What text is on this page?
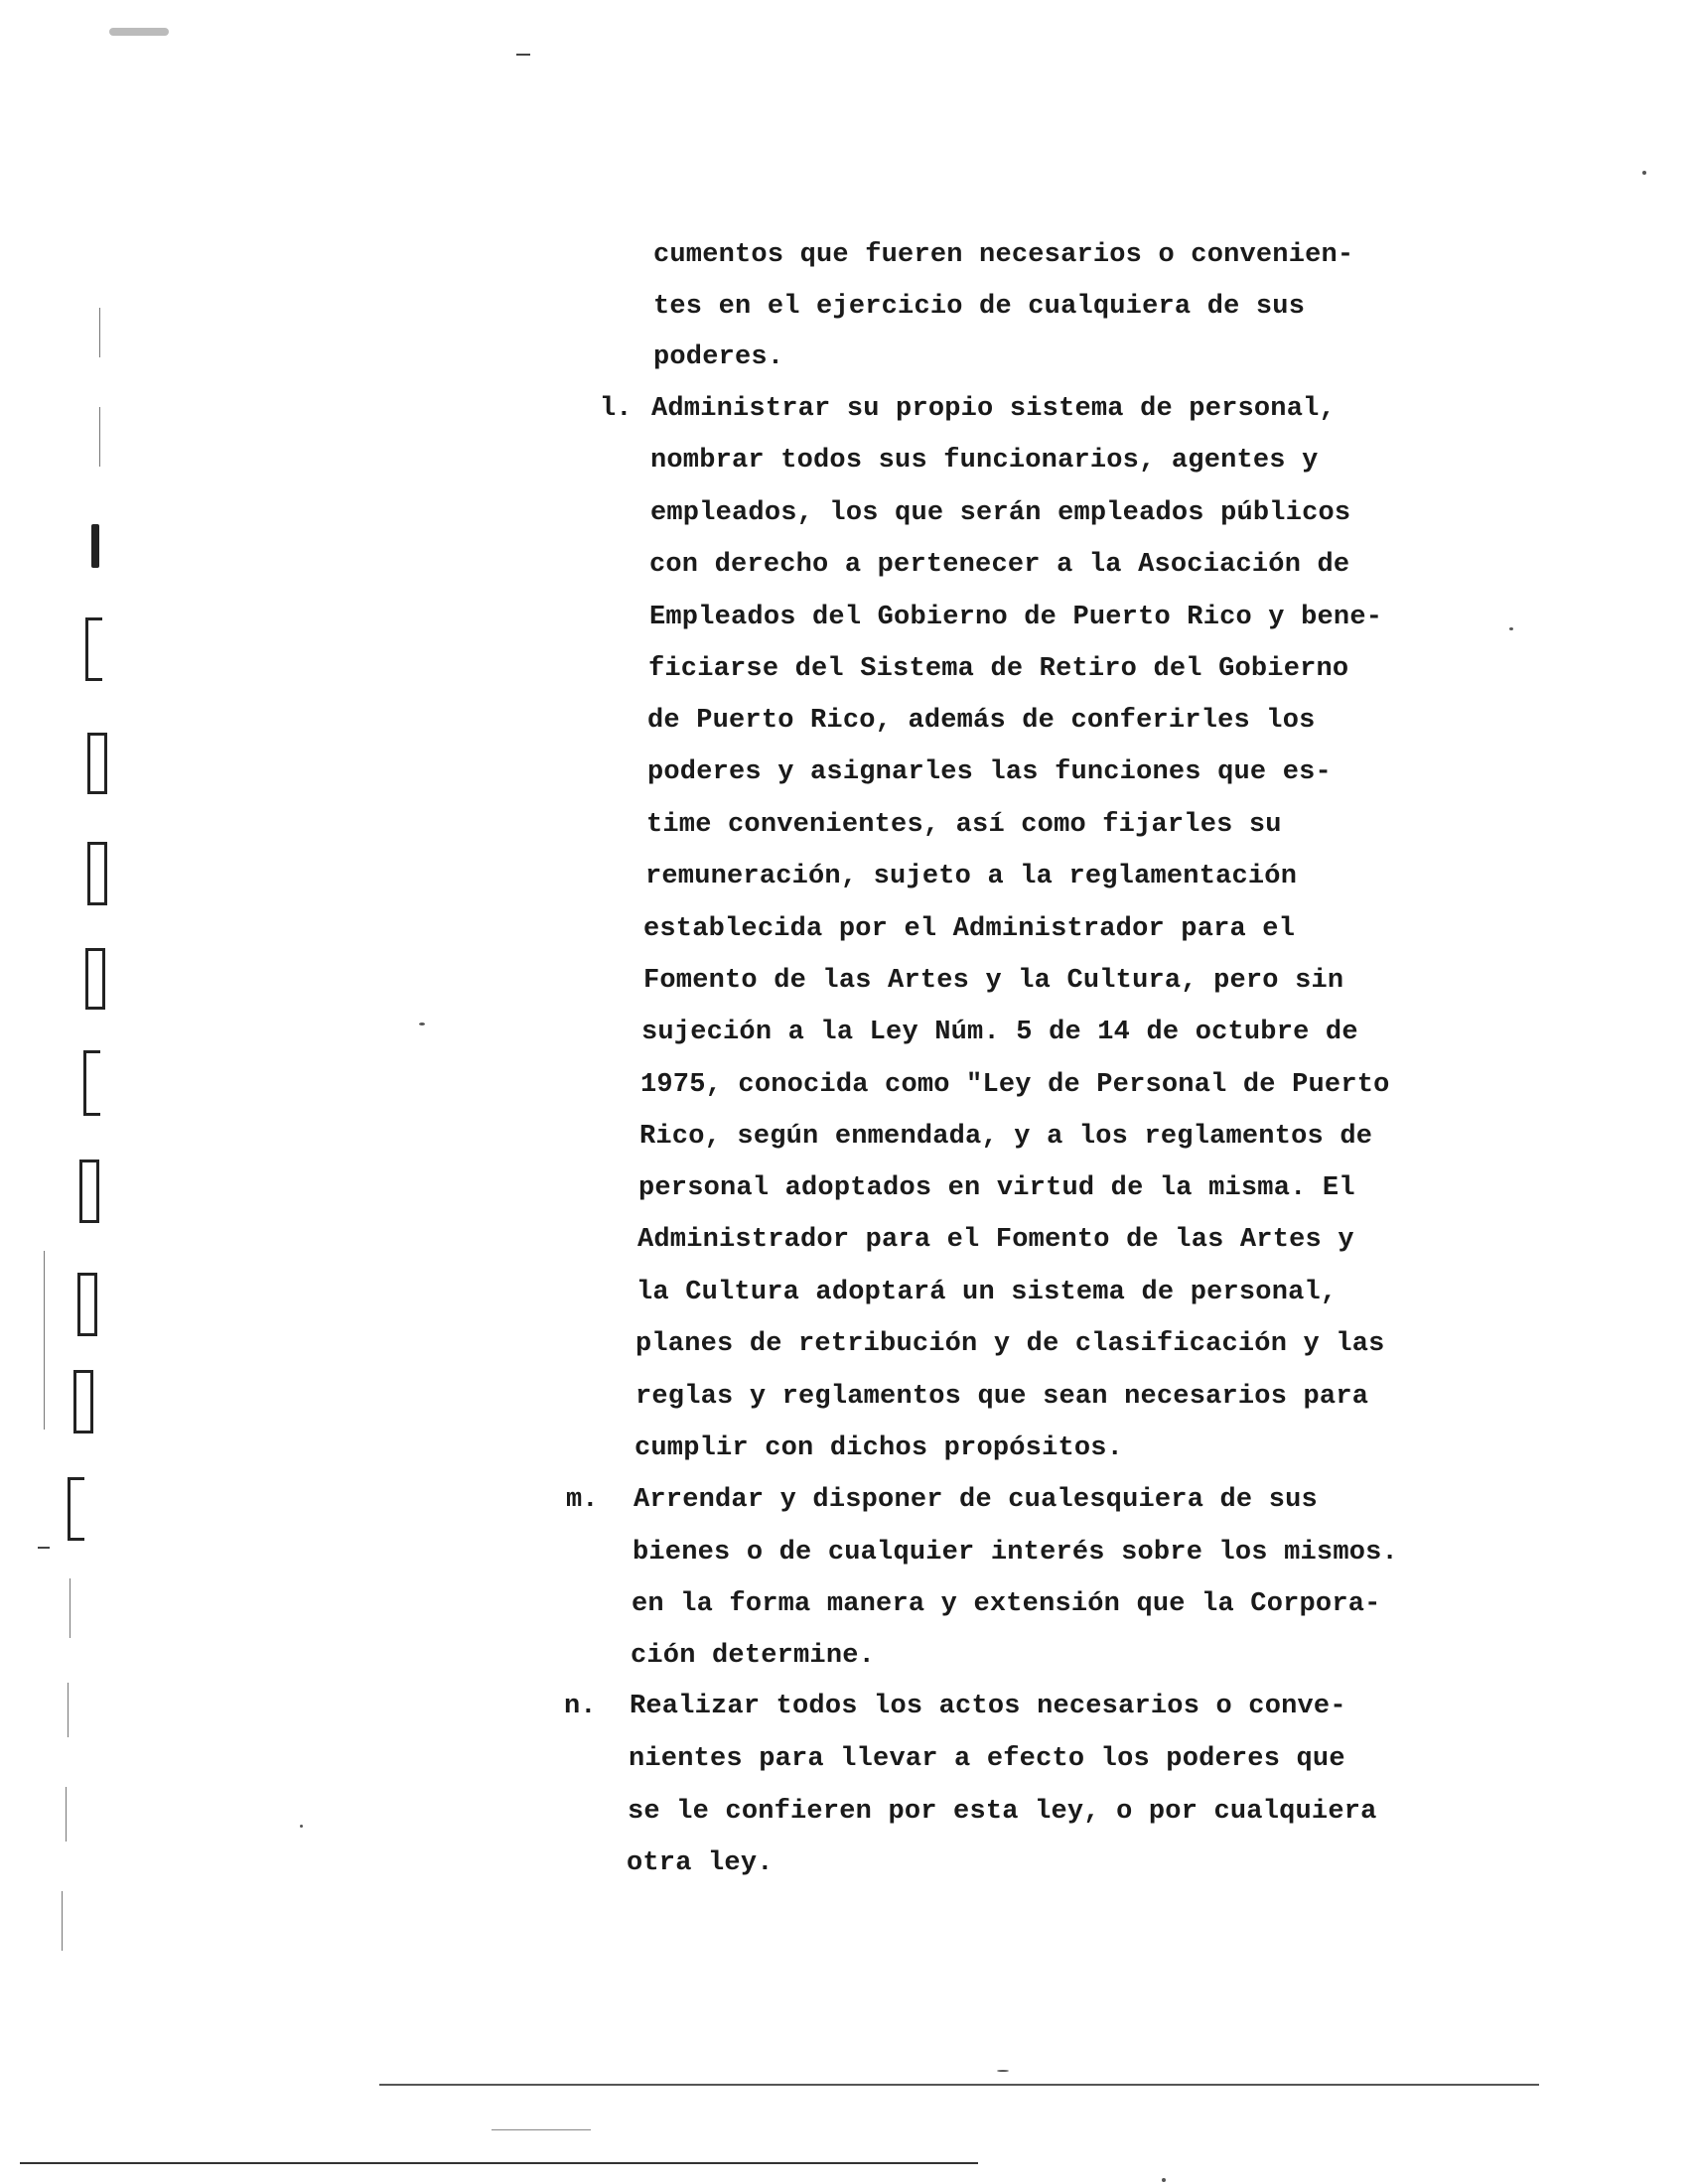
cumentos que fueren necesarios o convenien-
tes en el ejercicio de cualquiera de sus
poderes.
l. Administrar su propio sistema de personal,
nombrar todos sus funcionarios, agentes y
empleados, los que serán empleados públicos
con derecho a pertenecer a la Asociación de
Empleados del Gobierno de Puerto Rico y bene-
ficiarse del Sistema de Retiro del Gobierno
de Puerto Rico, además de conferirles los
poderes y asignarles las funciones que es-
time convenientes, así como fijarles su
remuneración, sujeto a la reglamentación
establecida por el Administrador para el
Fomento de las Artes y la Cultura, pero sin
sujeción a la Ley Núm. 5 de 14 de octubre de
1975, conocida como "Ley de Personal de Puerto
Rico, según enmendada, y a los reglamentos de
personal adoptados en virtud de la misma. El
Administrador para el Fomento de las Artes y
la Cultura adoptará un sistema de personal,
planes de retribución y de clasificación y las
reglas y reglamentos que sean necesarios para
cumplir con dichos propósitos.
m. Arrendar y disponer de cualesquiera de sus
bienes o de cualquier interés sobre los mismos.
en la forma manera y extensión que la Corpora-
ción determine.
n. Realizar todos los actos necesarios o conve-
nientes para llevar a efecto los poderes que
se le confieren por esta ley, o por cualquiera
otra ley.
